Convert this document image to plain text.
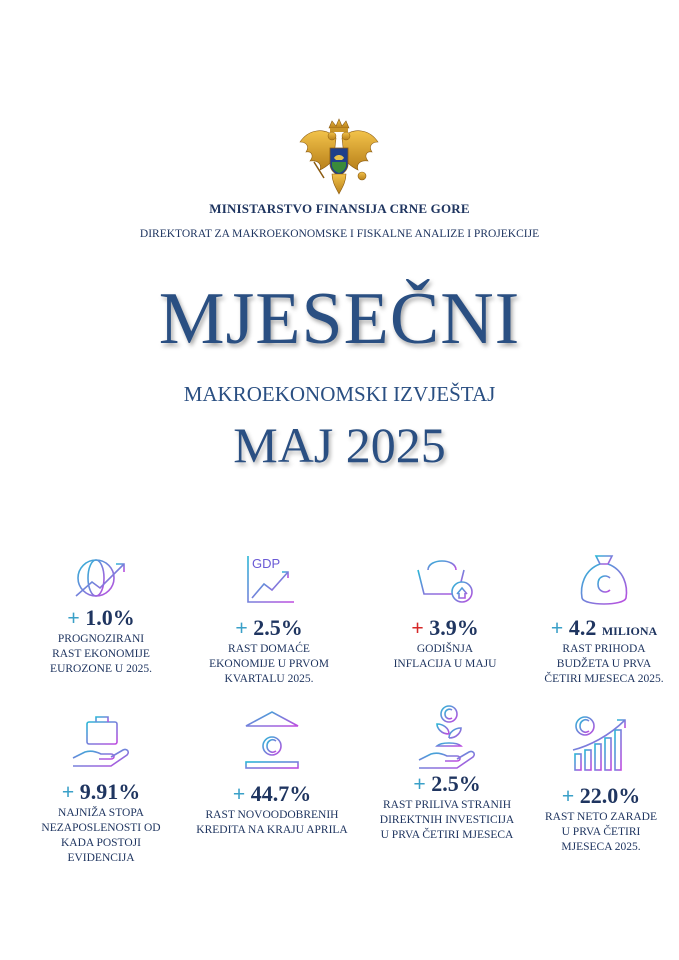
MINISTARSTVO FINANSIJA CRNE GORE
DIREKTORAT ZA MAKROEKONOMSKE I FISKALNE ANALIZE I PROJEKCIJE
MJESEČNI
MAKROEKONOMSKI IZVJEŠTAJ
MAJ 2025
+ 1.0%
PROGNOZIRANI
RAST EKONOMIJE
EUROZONE U 2025.
GDP
+ 2.5%
RAST DOMAĆE
EKONOMIJE U PRVOM
KVARTALU 2025.
+ 3.9%
GODIŠNJA
INFLACIJA U MAJU
+ 4.2 MILIONA
RAST PRIHODA
BUDŽETA U PRVA
ČETIRI MJESECA 2025.
+ 9.91%
NAJNIŽA STOPA
NEZAPOSLENOSTI OD
KADA POSTOJI
EVIDENCIJA
+ 44.7%
RAST NOVOODOBRENIH
KREDITA NA KRAJU APRILA
+ 2.5%
RAST PRILIVA STRANIH
DIREKTNIH INVESTICIJA
U PRVA ČETIRI MJESECA
+ 22.0%
RAST NETO ZARADE
U PRVA ČETIRI
MJESECA 2025.
